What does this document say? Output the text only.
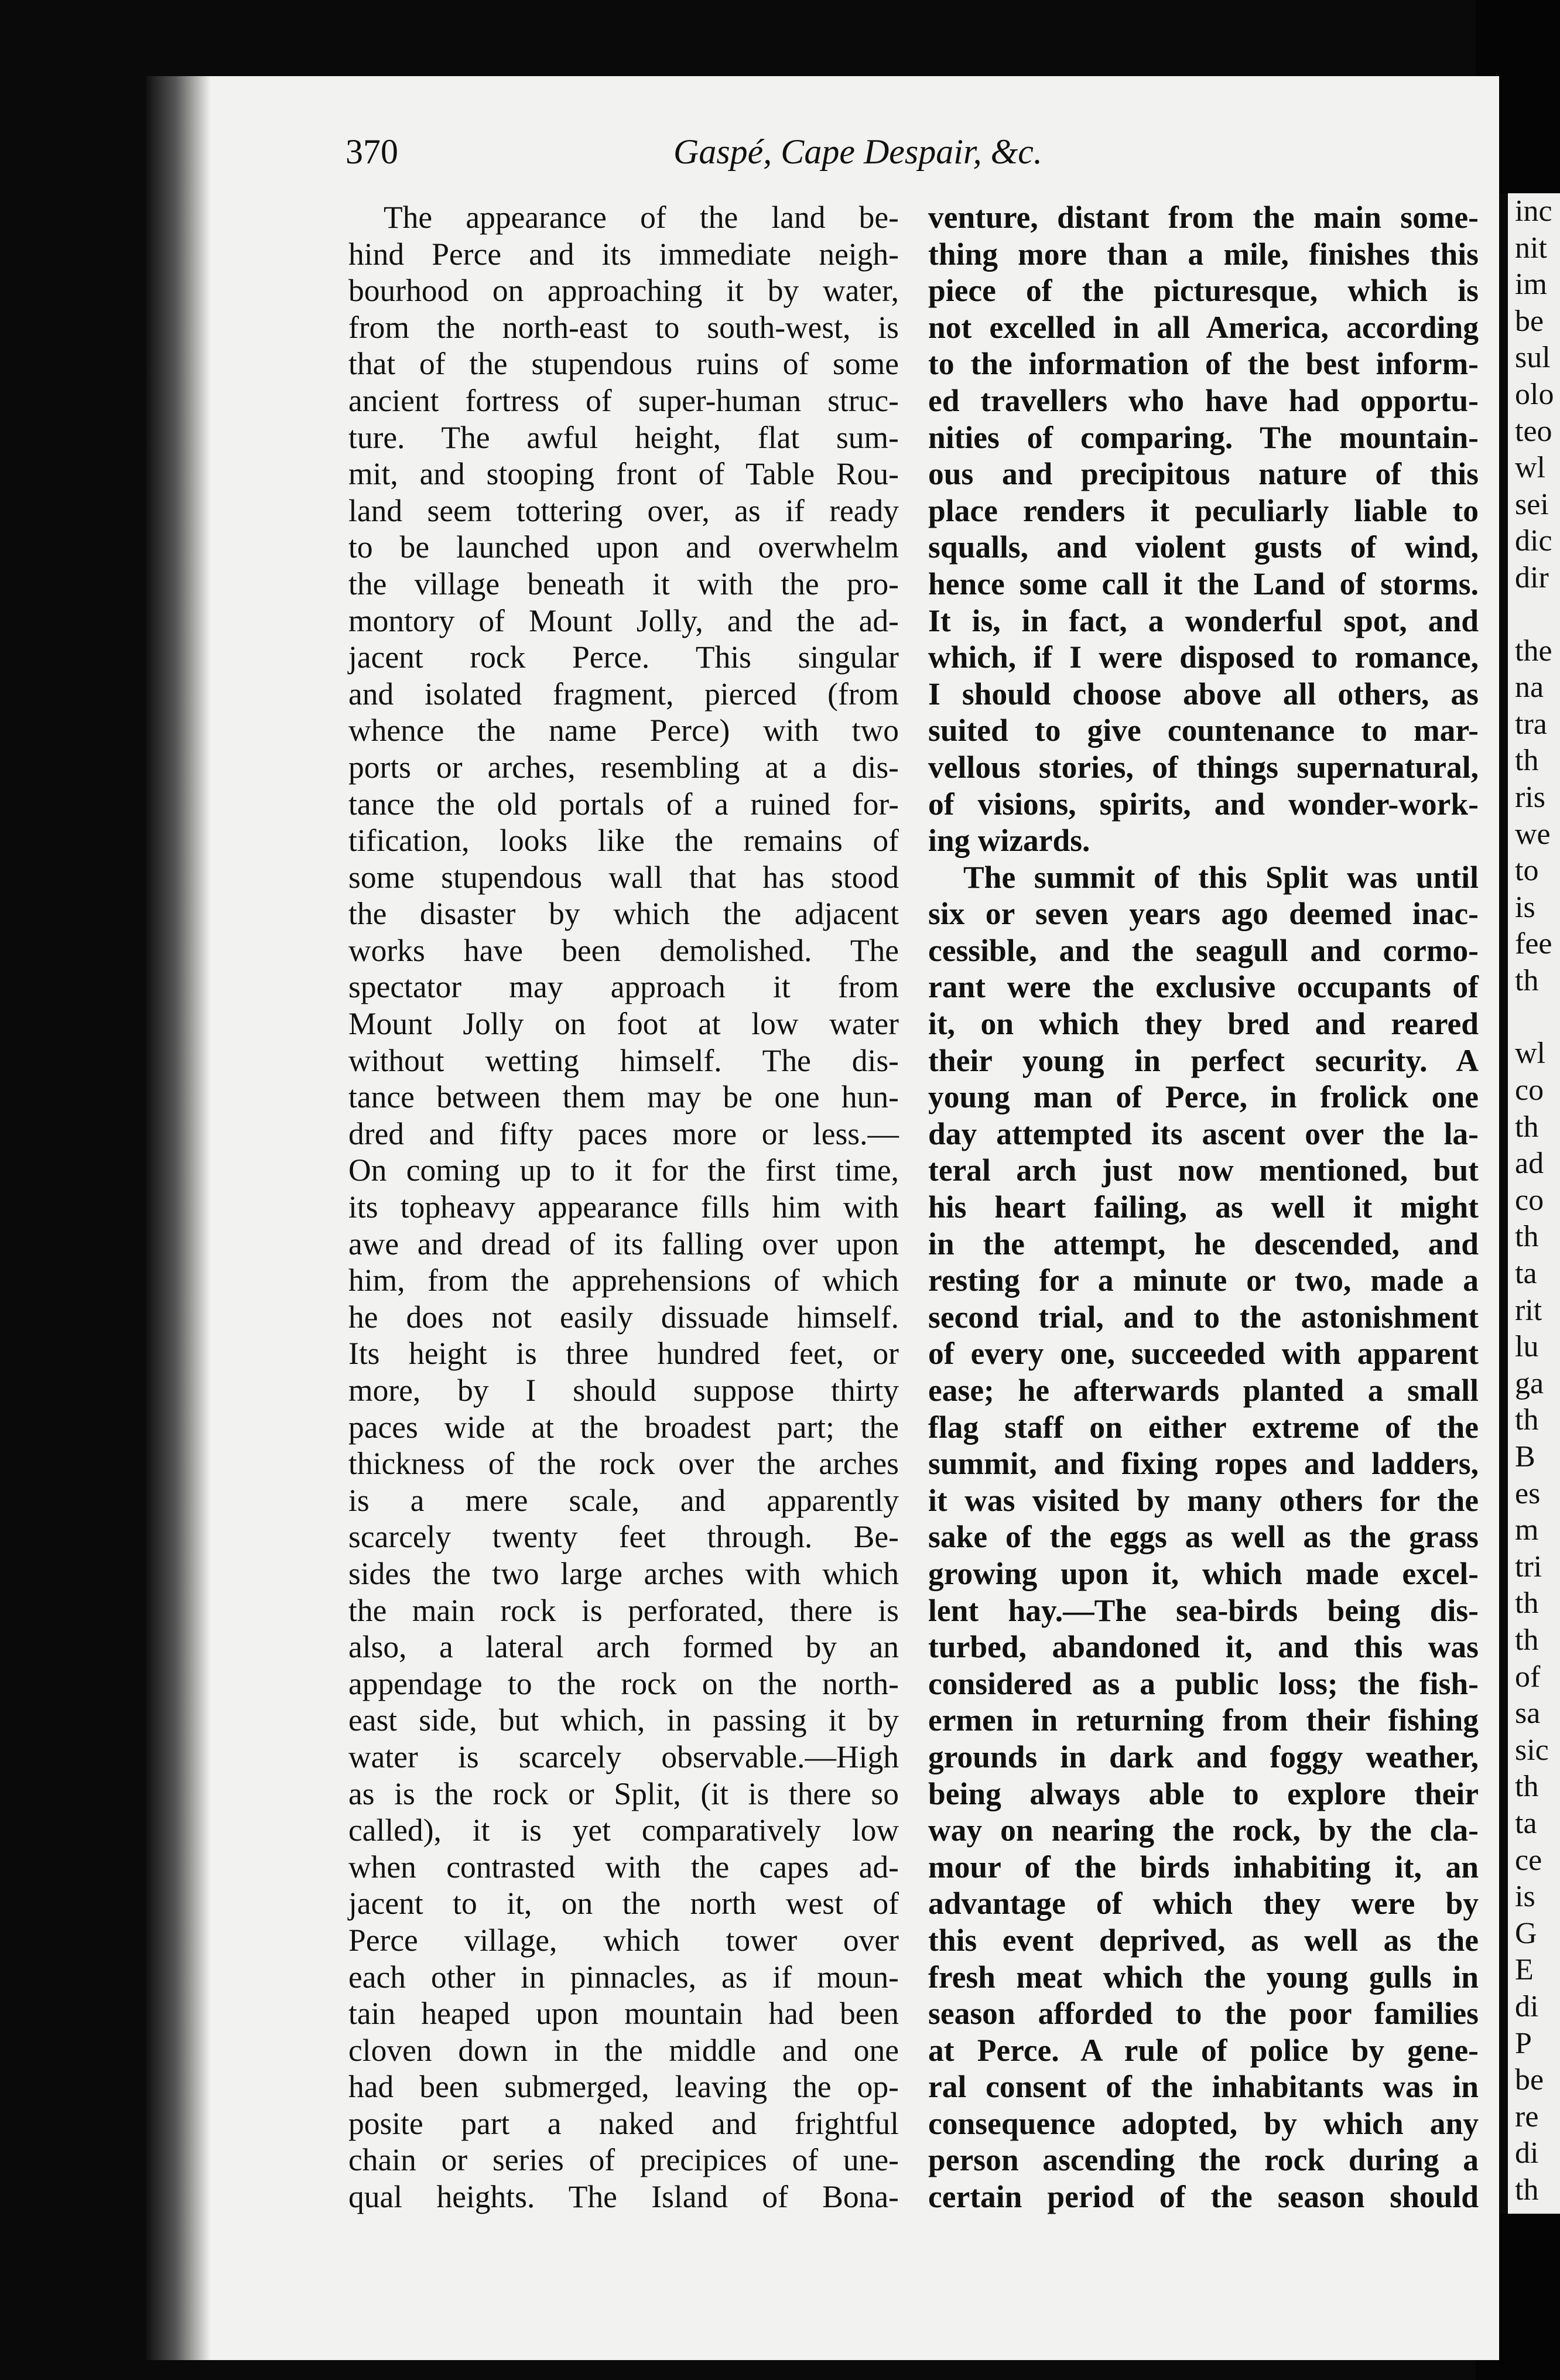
inc
nit
im
be
sul
olo
teo
wl
sei
dic
dir
the
na
tra
th
ris
we
to
is
fee
th
wl
co
th
ad
co
th
ta
rit
lu
ga
th
B
es
m
tri
th
th
of
sa
sic
th
ta
ce
is
G
E
di
P
be
re
di
th
370	Gaspé, Cape Despair, &c.
The appearance of the land be-
hind Perce and its immediate neigh-
bourhood on approaching it by water,
from the north-east to south-west, is
that of the stupendous ruins of some
ancient fortress of super-human struc-
ture. The awful height, flat sum-
mit, and stooping front of Table Rou-
land seem tottering over, as if ready
to be launched upon and overwhelm
the village beneath it with the pro-
montory of Mount Jolly, and the ad-
jacent rock Perce. This singular
and isolated fragment, pierced (from
whence the name Perce) with two
ports or arches, resembling at a dis-
tance the old portals of a ruined for-
tification, looks like the remains of
some stupendous wall that has stood
the disaster by which the adjacent
works have been demolished. The
spectator may approach it from
Mount Jolly on foot at low water
without wetting himself. The dis-
tance between them may be one hun-
dred and fifty paces more or less.—
On coming up to it for the first time,
its topheavy appearance fills him with
awe and dread of its falling over upon
him, from the apprehensions of which
he does not easily dissuade himself.
Its height is three hundred feet, or
more, by I should suppose thirty
paces wide at the broadest part; the
thickness of the rock over the arches
is a mere scale, and apparently
scarcely twenty feet through. Be-
sides the two large arches with which
the main rock is perforated, there is
also, a lateral arch formed by an
appendage to the rock on the north-
east side, but which, in passing it by
water is scarcely observable.—High
as is the rock or Split, (it is there so
called), it is yet comparatively low
when contrasted with the capes ad-
jacent to it, on the north west of
Perce village, which tower over
each other in pinnacles, as if moun-
tain heaped upon mountain had been
cloven down in the middle and one
had been submerged, leaving the op-
posite part a naked and frightful
chain or series of precipices of une-
qual heights. The Island of Bona-
venture, distant from the main some-
thing more than a mile, finishes this
piece of the picturesque, which is
not excelled in all America, according
to the information of the best inform-
ed travellers who have had opportu-
nities of comparing. The mountain-
ous and precipitous nature of this
place renders it peculiarly liable to
squalls, and violent gusts of wind,
hence some call it the Land of storms.
It is, in fact, a wonderful spot, and
which, if I were disposed to romance,
I should choose above all others, as
suited to give countenance to mar-
vellous stories, of things supernatural,
of visions, spirits, and wonder-work-
ing wizards.
The summit of this Split was until
six or seven years ago deemed inac-
cessible, and the seagull and cormo-
rant were the exclusive occupants of
it, on which they bred and reared
their young in perfect security. A
young man of Perce, in frolick one
day attempted its ascent over the la-
teral arch just now mentioned, but
his heart failing, as well it might
in the attempt, he descended, and
resting for a minute or two, made a
second trial, and to the astonishment
of every one, succeeded with apparent
ease; he afterwards planted a small
flag staff on either extreme of the
summit, and fixing ropes and ladders,
it was visited by many others for the
sake of the eggs as well as the grass
growing upon it, which made excel-
lent hay.—The sea-birds being dis-
turbed, abandoned it, and this was
considered as a public loss; the fish-
ermen in returning from their fishing
grounds in dark and foggy weather,
being always able to explore their
way on nearing the rock, by the cla-
mour of the birds inhabiting it, an
advantage of which they were by
this event deprived, as well as the
fresh meat which the young gulls in
season afforded to the poor families
at Perce. A rule of police by gene-
ral consent of the inhabitants was in
consequence adopted, by which any
person ascending the rock during a
certain period of the season should
